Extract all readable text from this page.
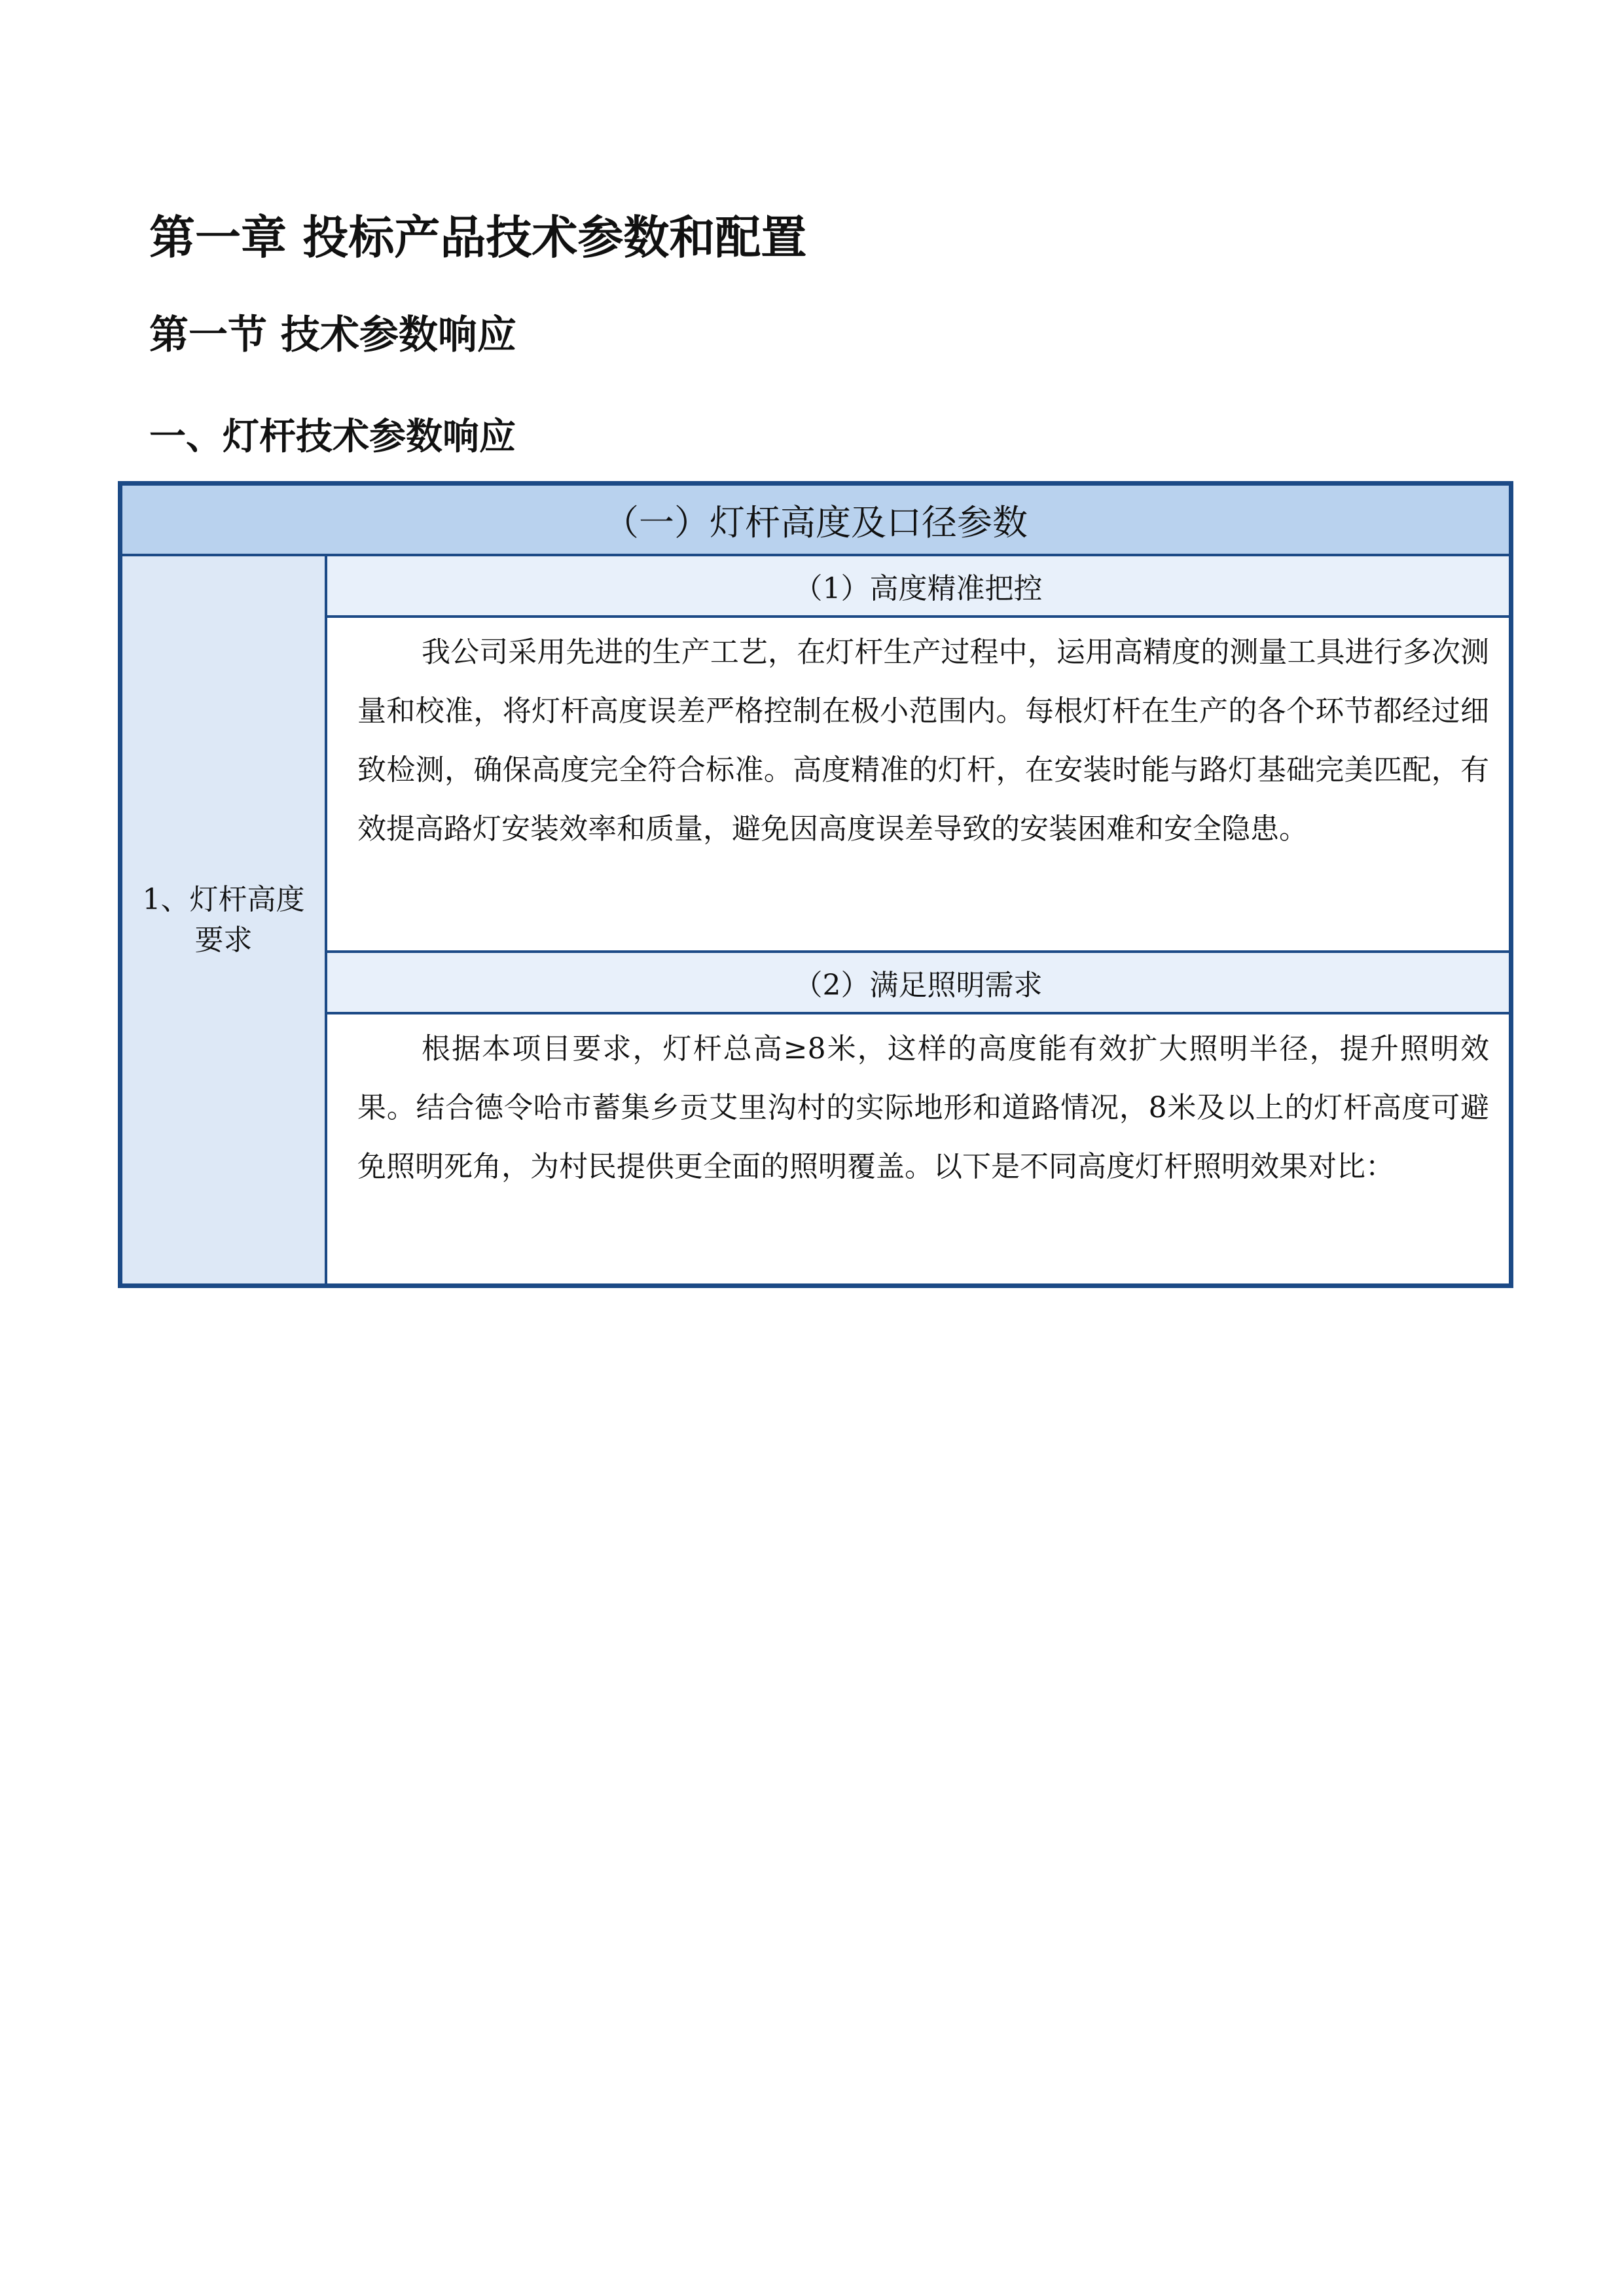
第一章 投标产品技术参数和配置
第一节 技术参数响应
一、灯杆技术参数响应
（一）灯杆高度及口径参数
1、灯杆高度要求
（1）高度精准把控
我公司采用先进的生产工艺，在灯杆生产过程中，运用高精度的测量工具进行多次测量和校准，将灯杆高度误差严格控制在极小范围内。每根灯杆在生产的各个环节都经过细致检测，确保高度完全符合标准。高度精准的灯杆，在安装时能与路灯基础完美匹配，有效提高路灯安装效率和质量，避免因高度误差导致的安装困难和安全隐患。
（2）满足照明需求
根据本项目要求，灯杆总高≥8米，这样的高度能有效扩大照明半径，提升照明效果。结合德令哈市蓄集乡贡艾里沟村的实际地形和道路情况，8米及以上的灯杆高度可避免照明死角，为村民提供更全面的照明覆盖。以下是不同高度灯杆照明效果对比：
